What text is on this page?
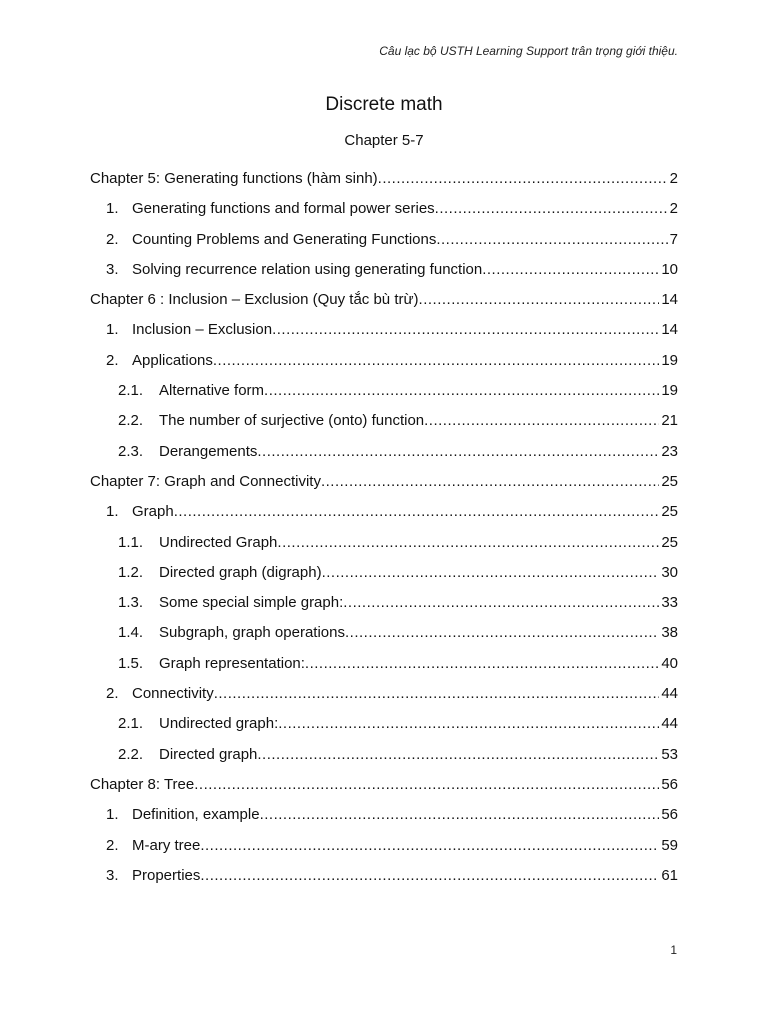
Câu lạc bộ USTH Learning Support trân trọng giới thiệu.
Discrete math
Chapter 5-7
Chapter 5: Generating functions (hàm sinh) .....	2
1. Generating functions and formal power series .....	2
2. Counting Problems and Generating Functions .....	7
3. Solving recurrence relation using generating function .....	10
Chapter 6 : Inclusion – Exclusion (Quy tắc bù trừ) .....	14
1. Inclusion – Exclusion .....	14
2. Applications .....	19
2.1.	Alternative form .....	19
2.2.	The number of surjective (onto) function .....	21
2.3.	Derangements .....	23
Chapter 7: Graph and Connectivity .....	25
1. Graph .....	25
1.1.	Undirected Graph .....	25
1.2.	Directed graph (digraph) .....	30
1.3.	Some special simple graph: .....	33
1.4.	Subgraph, graph operations .....	38
1.5.	Graph representation: .....	40
2. Connectivity .....	44
2.1.	Undirected graph: .....	44
2.2.	Directed graph .....	53
Chapter 8: Tree .....	56
1. Definition, example .....	56
2. M-ary tree .....	59
3. Properties .....	61
1
